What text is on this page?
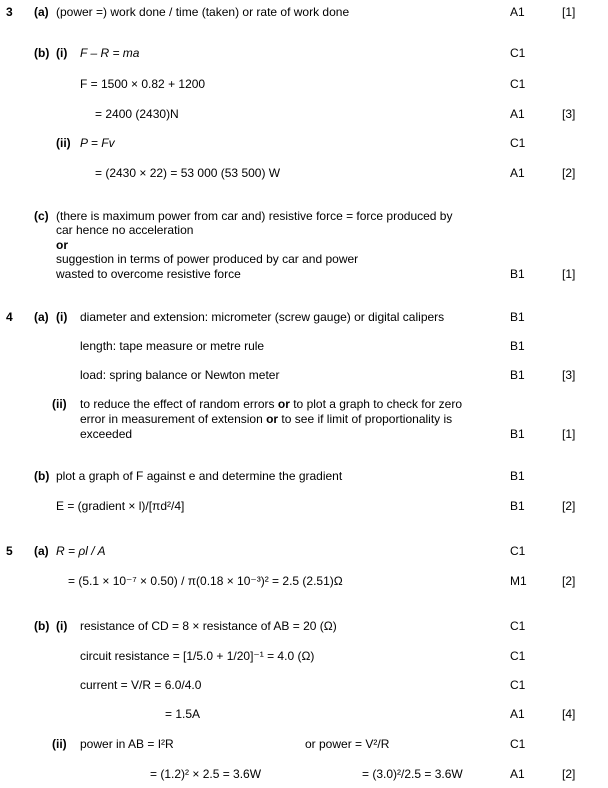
3 (a) (power =) work done / time (taken) or rate of work done	A1	[1]
(b) (i) F – R = ma	C1
F = 1500 × 0.82 + 1200	C1
= 2400 (2430)N	A1	[3]
(ii) P = Fv	C1
= (2430 × 22) = 53 000 (53 500) W	A1	[2]
(c) (there is maximum power from car and) resistive force = force produced by
car hence no acceleration
or
suggestion in terms of power produced by car and power
wasted to overcome resistive force	B1	[1]
4 (a) (i) diameter and extension: micrometer (screw gauge) or digital calipers	B1
length: tape measure or metre rule	B1
load: spring balance or Newton meter	B1	[3]
(ii) to reduce the effect of random errors or to plot a graph to check for zero
error in measurement of extension or to see if limit of proportionality is
exceeded	B1	[1]
(b) plot a graph of F against e and determine the gradient	B1
E = (gradient × l)/[πd²/4]	B1	[2]
5 (a) R = ρl / A	C1
= (5.1 × 10⁻⁷ × 0.50) / π(0.18 × 10⁻³)² = 2.5 (2.51)Ω	M1	[2]
(b) (i) resistance of CD = 8 × resistance of AB = 20 (Ω)	C1
circuit resistance = [1/5.0 + 1/20]⁻¹ = 4.0 (Ω)	C1
current = V/R = 6.0/4.0	C1
= 1.5A	A1	[4]
(ii) power in AB = I²R	or power = V²/R	C1
= (1.2)² × 2.5 = 3.6W	= (3.0)²/2.5 = 3.6W	A1	[2]
